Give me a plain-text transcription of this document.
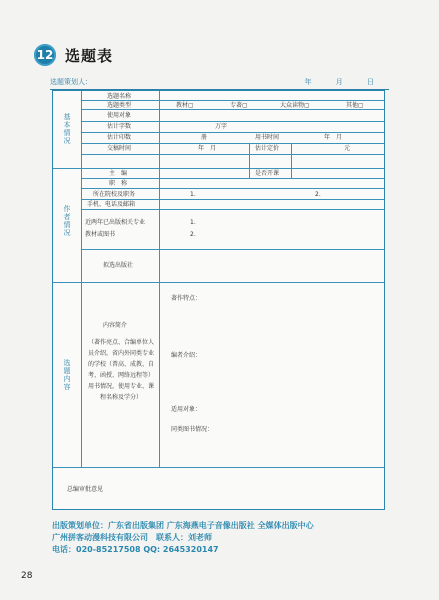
12 选题表
选题策划人：	年 月 日
基本情况
选题名称
选题类型	教材▢	专著▢	大众读物▢	其他▢
使用对象
估计字数	万字
估计印数	册	用书时间	年　月
交稿时间	年　月	估计定价	元
作者情况
主　编	是否开课
职　称
所在院校及职务	1.	2.
手机、电话及邮箱
近两年已出版相关专业
教材或图书
1.
2.
拟选出版社
选题内容
内容简介
（著作亮点、合编单位人员介绍，省内外同类专业的学校（普高、成教、自考、函授、网络远程等）用书情况，使用专业、课程名称及学分）
著作特点：
编者介绍：
适用对象：
同类图书情况：
总编审批意见
出版策划单位：广东省出版集团 广东海燕电子音像出版社 全媒体出版中心
广州拼客动漫科技有限公司　联系人：刘老师
电话：020-85217508 QQ: 2645320147
28
